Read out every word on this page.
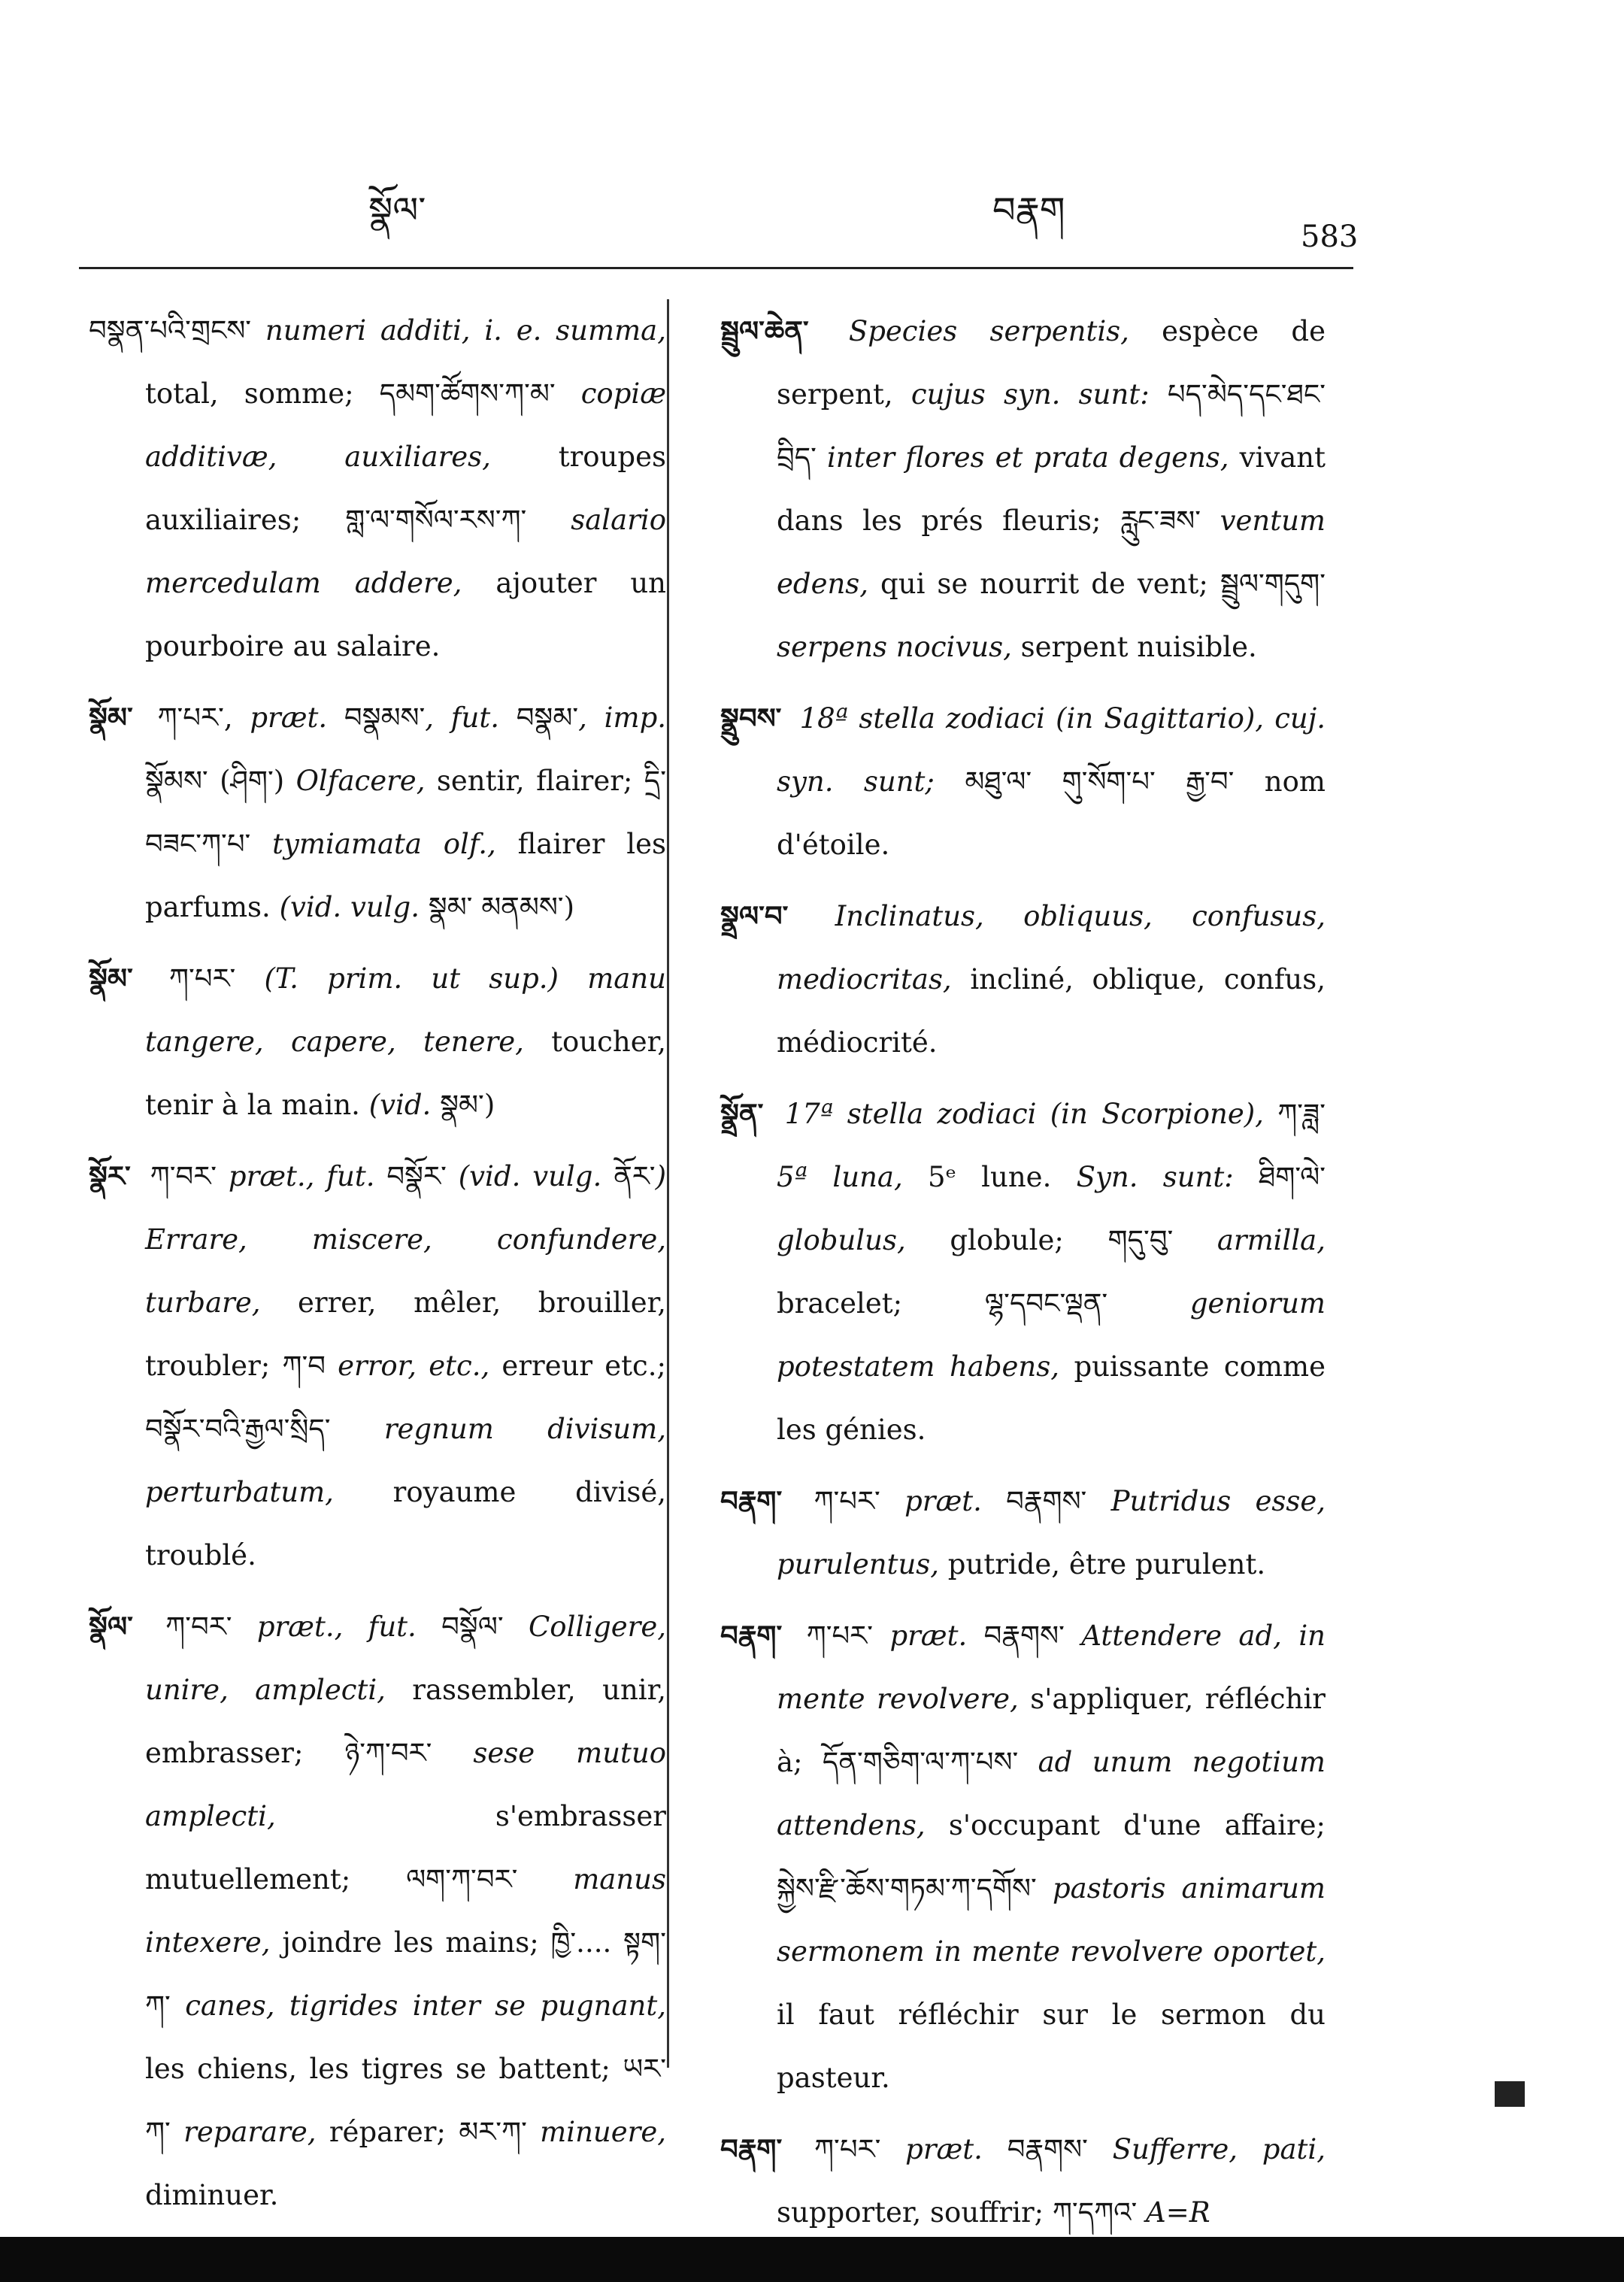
སྣོལ་	བརྣག
583

བསྣན་པའི་གྲངས་ numeri additi, i. e. summa, total, somme; དམག་ཚོགས་ཀ་མ་ copiæ additivæ, auxiliares, troupes auxiliaires; གླ་ལ་གསོལ་རས་ཀ་ salario mercedulam addere, ajouter un pourboire au salaire.

སྣོམ་ ཀ་པར་, præt. བསྣམས་, fut. བསྣམ་, imp. སྣོམས་ (ཤིག་) Olfacere, sentir, flairer; དྲི་བཟང་ཀ་པ་ tymiamata olf., flairer les parfums. (vid. vulg. སྣམ་ མནམས་)

སྣོམ་ ཀ་པར་ (T. prim. ut sup.) manu tangere, capere, tenere, toucher, tenir à la main. (vid. སྣམ་)

སྣོར་ ཀ་བར་ præt., fut. བསྣོར་ (vid. vulg. ནོར་) Errare, miscere, confundere, turbare, errer, mêler, brouiller, troubler; ཀ་བ error, etc., erreur etc.; བསྣོར་བའི་རྒྱལ་སྲིད་ regnum divisum, perturbatum, royaume divisé, troublé.

སྣོལ་ ཀ་བར་ præt., fut. བསྣོལ་ Colligere, unire, amplecti, rassembler, unir, embrasser; ཉེ་ཀ་བར་ sese mutuo amplecti, s'embrasser mutuellement; ལག་ཀ་བར་ manus intexere, joindre les mains; ཁྱི་.... སྟག་ཀ་ canes, tigrides inter se pugnant, les chiens, les tigres se battent; ཡར་ཀ་ reparare, réparer; མར་ཀ་ minuere, diminuer.

སྦྲུལ་ཆེན་ Species serpentis, espèce de serpent, cujus syn. sunt: པད་མེད་དང་ཐང་བྲིད་ inter flores et prata degens, vivant dans les prés fleuris; རླུང་ཟས་ ventum edens, qui se nourrit de vent; སྦྲུལ་གདུག་ serpens nocivus, serpent nuisible.

སྣྲུབས་ 18ª stella zodiaci (in Sagittario), cuj. syn. sunt; མཐུ་ལ་ གུ་སོག་པ་ རྒྱ་བ་ nom d'étoile.

སྣྲལ་བ་ Inclinatus, obliquus, confusus, mediocritas, incliné, oblique, confus, médiocrité.

སྣྲོན་ 17ª stella zodiaci (in Scorpione), ཀ་ཟླ་ 5ª luna, 5ᵉ lune. Syn. sunt: ཐིག་ལེ་ globulus, globule; གདུ་བུ་ armilla, bracelet; ལྷ་དབང་ལྡན་ geniorum potestatem habens, puissante comme les génies.

བརྣག་ ཀ་པར་ præt. བརྣགས་ Putridus esse, purulentus, putride, être purulent.

བརྣག་ ཀ་པར་ præt. བརྣགས་ Attendere ad, in mente revolvere, s'appliquer, réfléchir à; དོན་གཅིག་ལ་ཀ་པས་ ad unum negotium attendens, s'occupant d'une affaire; སྐྱེས་རྫི་ཆོས་གཏམ་ཀ་དགོས་ pastoris animarum sermonem in mente revolvere oportet, il faut réfléchir sur le sermon du pasteur.

བརྣག་ ཀ་པར་ præt. བརྣགས་ Sufferre, pati, supporter, souffrir; ཀ་དཀའ་ A=R
